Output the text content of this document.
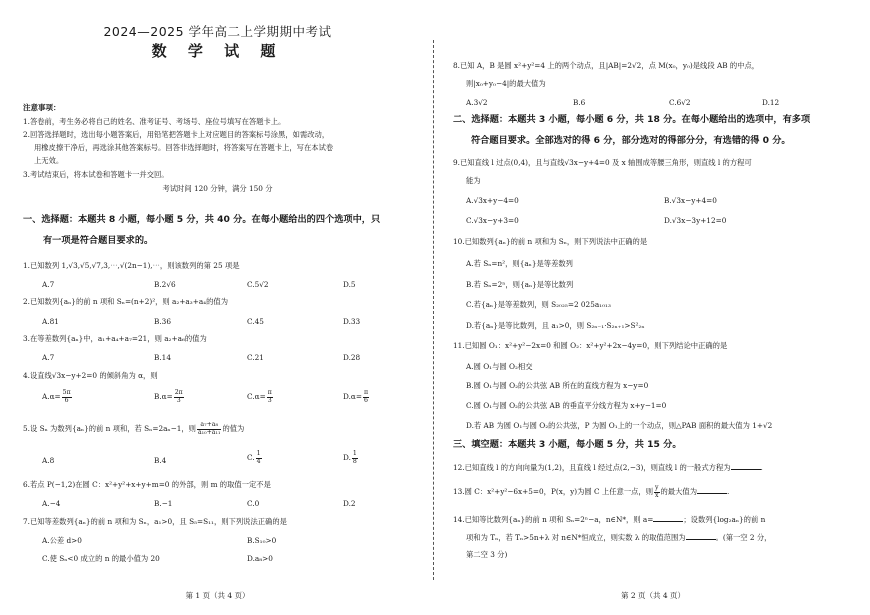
2024—2025 学年高二上学期期中考试
数 学 试 题
注意事项：
1.答卷前，考生务必将自己的姓名、准考证号、考场号、座位号填写在答题卡上。
2.回答选择题时，选出每小题答案后，用铅笔把答题卡上对应题目的答案标号涂黑，如需改动，
用橡皮擦干净后，再选涂其他答案标号。回答非选择题时，将答案写在答题卡上，写在本试卷
上无效。
3.考试结束后，将本试卷和答题卡一并交回。
考试时间 120 分钟，满分 150 分
一、选择题：本题共 8 小题，每小题 5 分，共 40 分。在每小题给出的四个选项中，只
有一项是符合题目要求的。
1.已知数列 1,√3,√5,√7,3,⋯,√(2n−1),⋯，则该数列的第 25 项是
A.7	B.2√6	C.5√2	D.5
2.已知数列{aₙ}的前 n 项和 Sₙ=(n+2)²，则 a₂+a₃+a₄的值为
A.81	B.36	C.45	D.33
3.在等差数列{aₙ}中，a₁+a₄+a₇=21，则 a₂+a₆的值为
A.7	B.14	C.21	D.28
4.设直线√3x−y+2=0 的倾斜角为 α，则
$A.\alpha= \frac{5\pi}{6}$	$B.\alpha= \frac{2\pi}{3}$	$C.\alpha= \frac{\pi}{3}$	$D.\alpha= \frac{\pi}{6}$
5.设 Sₙ 为数列{aₙ}的前 n 项和，若 Sₙ=2aₙ−1，则 $\frac{\text{a₇+a₈}}{\text{a₁₀+a₁₁}}$ 的值为
A.8	B.4	C. $\frac{1}{4}$	D. $\frac{1}{8}$
6.若点 P(−1,2)在圆 C：x²+y²+x+y+m=0 的外部，则 m 的取值一定不是
A.−4	B.−1	C.0	D.2
7.已知等差数列{aₙ}的前 n 项和为 Sₙ，a₁>0，且 S₅=S₁₁，则下列说法正确的是
A.公差 d>0	B.S₁₀>0
C.使 Sₙ<0 成立的 n 的最小值为 20	D.a₈>0
第 1 页（共 4 页）
8.已知 A，B 是圆 x²+y²=4 上的两个动点，且|AB|=2√2，点 M(x₀，y₀)是线段 AB 的中点，
则|x₀+y₀−4|的最大值为
A.3√2	B.6	C.6√2	D.12
二、选择题：本题共 3 小题，每小题 6 分，共 18 分。在每小题给出的选项中，有多项
符合题目要求。全部选对的得 6 分，部分选对的得部分分，有选错的得 0 分。
9.已知直线 l 过点(0,4)，且与直线√3x−y+4=0 及 x 轴围成等腰三角形，则直线 l 的方程可
能为
A.√3x+y−4=0	B.√3x−y+4=0
C.√3x−y+3=0	D.√3x−3y+12=0
10.已知数列{aₙ}的前 n 项和为 Sₙ，则下列说法中正确的是
A.若 Sₙ=n²，则{aₙ}是等差数列
B.若 Sₙ=2ⁿ，则{aₙ}是等比数列
C.若{aₙ}是等差数列，则 S₂₀₂₅=2 025a₁₀₁₃
D.若{aₙ}是等比数列，且 a₁>0，则 S₂ₙ₋₁·S₂ₙ₊₁>S²₂ₙ
11.已知圆 O₁：x²+y²−2x=0 和圆 O₂：x²+y²+2x−4y=0，则下列结论中正确的是
A.圆 O₁与圆 O₂相交
B.圆 O₁与圆 O₂的公共弦 AB 所在的直线方程为 x−y=0
C.圆 O₁与圆 O₂的公共弦 AB 的垂直平分线方程为 x+y−1=0
D.若 AB 为圆 O₁与圆 O₂的公共弦，P 为圆 O₁上的一个动点，则△PAB 面积的最大值为 1+√2
三、填空题：本题共 3 小题，每小题 5 分，共 15 分。
12.已知直线 l 的方向向量为(1,2)，且直线 l 经过点(2,−3)，则直线 l 的一般式方程为	.
13.圆 C：x²+y²−6x+5=0，P(x，y)为圆 C 上任意一点，则 $\frac{y}{x}$ 的最大值为	.
14.已知等比数列{aₙ}的前 n 项和 Sₙ=2ⁿ−a，n∈N*，则 a=	；设数列{log₂aₙ}的前 n
项和为 Tₙ，若 Tₙ>5n+λ 对 n∈N*恒成立，则实数 λ 的取值范围为	。(第一空 2 分，
第二空 3 分)
第 2 页（共 4 页）
